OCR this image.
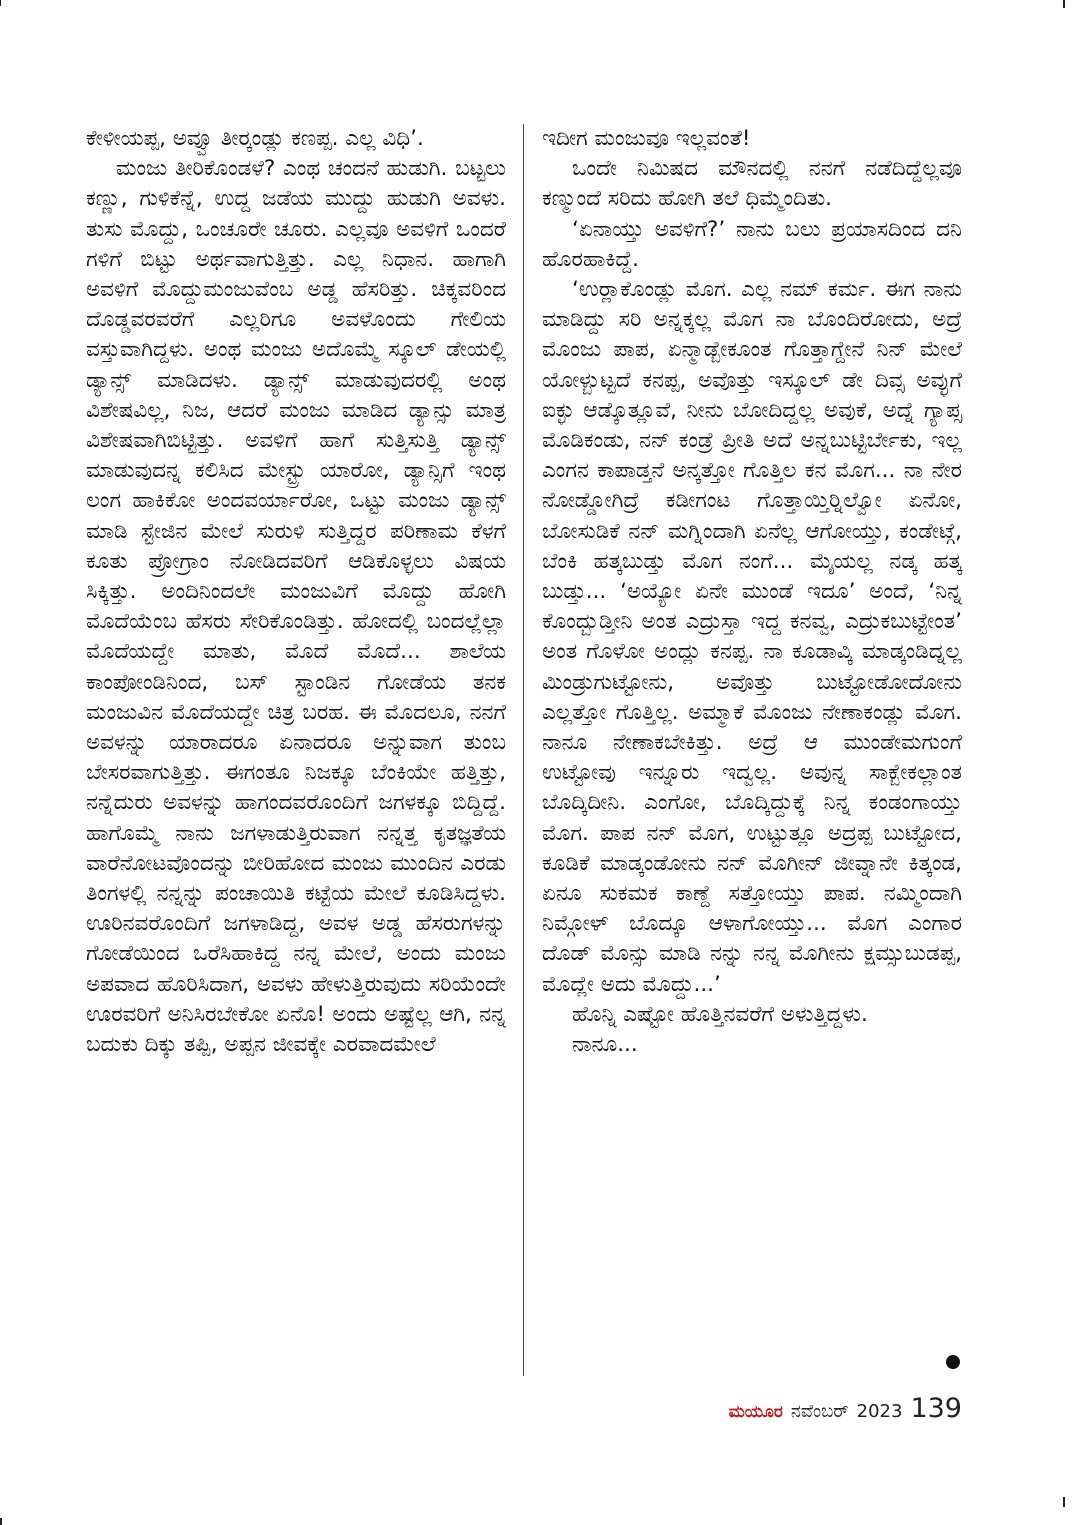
ಕೇಳೀಯಪ್ಪ, ಅವ್ವೂ ತೀರ್‍ಕಂಡ್ಲು ಕಣಪ್ಪ. ಎಲ್ಲ ವಿಧಿ’.

ಮಂಜು ತೀರಿಕೊಂಡಳೆ? ಎಂಥ ಚಂದನೆ ಹುಡುಗಿ. ಬಟ್ಟಲು ಕಣ್ಣು, ಗುಳಿಕೆನ್ನೆ, ಉದ್ದ ಜಡೆಯ ಮುದ್ದು ಹುಡುಗಿ ಅವಳು. ತುಸು ಮೊದ್ದು, ಒಂಚೂರೇ ಚೂರು. ಎಲ್ಲವೂ ಅವಳಿಗೆ ಒಂದರೆ ಗಳಿಗೆ ಬಿಟ್ಟು ಅರ್ಥವಾಗುತ್ತಿತ್ತು. ಎಲ್ಲ ನಿಧಾನ. ಹಾಗಾಗಿ ಅವಳಿಗೆ ಮೊದ್ದುಮಂಜುವೆಂಬ ಅಡ್ಡ ಹೆಸರಿತ್ತು. ಚಿಕ್ಕವರಿಂದ ದೊಡ್ಡವರವರೆಗೆ ಎಲ್ಲರಿಗೂ ಅವಳೊಂದು ಗೇಲಿಯ ವಸ್ತುವಾಗಿದ್ದಳು. ಅಂಥ ಮಂಜು ಅದೊಮ್ಮೆ ಸ್ಕೂಲ್ ಡೇಯಲ್ಲಿ ಡ್ಯಾನ್ಸ್ ಮಾಡಿದಳು. ಡ್ಯಾನ್ಸ್ ಮಾಡುವುದರಲ್ಲಿ ಅಂಥ ವಿಶೇಷವಿಲ್ಲ, ನಿಜ, ಆದರೆ ಮಂಜು ಮಾಡಿದ ಡ್ಯಾನ್ಸು ಮಾತ್ರ ವಿಶೇಷವಾಗಿಬಿಟ್ಟಿತ್ತು. ಅವಳಿಗೆ ಹಾಗೆ ಸುತ್ತಿಸುತ್ತಿ ಡ್ಯಾನ್ಸ್ ಮಾಡುವುದನ್ನ ಕಲಿಸಿದ ಮೇಸ್ಟ್ರು ಯಾರೋ, ಡ್ಯಾನ್ಸಿಗೆ ಇಂಥ ಲಂಗ ಹಾಕಿಕೋ ಅಂದವರ್ಯಾರೋ, ಒಟ್ಟು ಮಂಜು ಡ್ಯಾನ್ಸ್ ಮಾಡಿ ಸ್ಟೇಜಿನ ಮೇಲೆ ಸುರುಳಿ ಸುತ್ತಿದ್ದರ ಪರಿಣಾಮ ಕೆಳಗೆ ಕೂತು ಪ್ರೋಗ್ರಾಂ ನೋಡಿದವರಿಗೆ ಆಡಿಕೊಳ್ಳಲು ವಿಷಯ ಸಿಕ್ಕಿತ್ತು. ಅಂದಿನಿಂದಲೇ ಮಂಜುವಿಗೆ ಮೊದ್ದು ಹೋಗಿ ಮೊದೆಯೆಂಬ ಹೆಸರು ಸೇರಿಕೊಂಡಿತ್ತು. ಹೋದಲ್ಲಿ ಬಂದಲ್ಲೆಲ್ಲಾ ಮೊದೆಯದ್ದೇ ಮಾತು, ಮೊದೆ ಮೊದೆ... ಶಾಲೆಯ ಕಾಂಪೋಂಡಿನಿಂದ, ಬಸ್ ಸ್ಟಾಂಡಿನ ಗೋಡೆಯ ತನಕ ಮಂಜುವಿನ ಮೊದೆಯದ್ದೇ ಚಿತ್ರ ಬರಹ. ಈ ಮೊದಲೂ, ನನಗೆ ಅವಳನ್ನು ಯಾರಾದರೂ ಏನಾದರೂ ಅನ್ನುವಾಗ ತುಂಬ ಬೇಸರವಾಗುತ್ತಿತ್ತು. ಈಗಂತೂ ನಿಜಕ್ಕೂ ಬೆಂಕಿಯೇ ಹತ್ತಿತ್ತು, ನನ್ನೆದುರು ಅವಳನ್ನು ಹಾಗಂದವರೊಂದಿಗೆ ಜಗಳಕ್ಕೂ ಬಿದ್ದಿದ್ದೆ. ಹಾಗೊಮ್ಮೆ ನಾನು ಜಗಳಾಡುತ್ತಿರುವಾಗ ನನ್ನತ್ತ ಕೃತಜ್ಞತೆಯ ವಾರೆನೋಟವೊಂದನ್ನು ಬೀರಿಹೋದ ಮಂಜು ಮುಂದಿನ ಎರಡು ತಿಂಗಳಲ್ಲಿ ನನ್ನನ್ನು ಪಂಚಾಯಿತಿ ಕಟ್ಟೆಯ ಮೇಲೆ ಕೂಡಿಸಿದ್ದಳು. ಊರಿನವರೊಂದಿಗೆ ಜಗಳಾಡಿದ್ದ, ಅವಳ ಅಡ್ಡ ಹೆಸರುಗಳನ್ನು ಗೋಡೆಯಿಂದ ಒರೆಸಿಹಾಕಿದ್ದ ನನ್ನ ಮೇಲೆ, ಅಂದು ಮಂಜು ಅಪವಾದ ಹೊರಿಸಿದಾಗ, ಅವಳು ಹೇಳುತ್ತಿರುವುದು ಸರಿಯೆಂದೇ ಊರವರಿಗೆ ಅನಿಸಿರಬೇಕೋ ಏನೊ! ಅಂದು ಅಷ್ಟೆಲ್ಲ ಆಗಿ, ನನ್ನ ಬದುಕು ದಿಕ್ಕು ತಪ್ಪಿ, ಅಪ್ಪನ ಜೀವಕ್ಕೇ ಎರವಾದಮೇಲೆ

ಇದೀಗ ಮಂಜುವೂ ಇಲ್ಲವಂತೆ!

ಒಂದೇ ನಿಮಿಷದ ಮೌನದಲ್ಲಿ ನನಗೆ ನಡೆದಿದ್ದೆಲ್ಲವೂ ಕಣ್ಮುಂದೆ ಸರಿದು ಹೋಗಿ ತಲೆ ಧಿಮ್ಮೆಂದಿತು.

‘ಏನಾಯ್ತು ಅವಳಿಗೆ?’ ನಾನು ಬಲು ಪ್ರಯಾಸದಿಂದ ದನಿ ಹೊರಹಾಕಿದ್ದೆ.

‘ಉರ್‍ಲಾಕೊಂಡ್ಲು ಮೊಗ. ಎಲ್ಲ ನಮ್ ಕರ್ಮ. ಈಗ ನಾನು ಮಾಡಿದ್ದು ಸರಿ ಅನ್ನಕ್ಕಲ್ಲ ಮೊಗ ನಾ ಬೊಂದಿರೋದು, ಅದ್ರೆ ಮೊಂಜು ಪಾಪ, ಏನ್ಮಾಡ್ಬೇಕೂಂತ ಗೊತ್ತಾಗ್ದೇನೆ ನಿನ್ ಮೇಲೆ ಯೋಳ್ಬುಟ್ಟದೆ ಕನಪ್ಪ, ಅವೊತ್ತು ಇಸ್ಕೂಲ್ ಡೇ ದಿವ್ಸ ಅವ್ಳುಗೆ ಐಕ್ಳು ಆಡ್ಕೊತ್ಲೂವೆ, ನೀನು ಬೋದಿದ್ದಲ್ಲ ಅವುಕೆ, ಅದ್ನೆ ಗ್ಯಾಪ್ಸ ಮೊಡಿಕಂಡು, ನನ್ ಕಂಡ್ರೆ ಪ್ರೀತಿ ಅದೆ ಅನ್ನಬುಟ್ಟಿರ್ಬೇಕು, ಇಲ್ಲ ಎಂಗನ ಕಾಪಾಡ್ತನೆ ಅನ್ಕತ್ತೋ ಗೊತ್ತಿಲ ಕನ ಮೊಗ... ನಾ ನೇರ ನೋಡ್ಡೋಗಿದ್ರೆ ಕಡೀಗಂಟ ಗೊತ್ತಾಯ್ತಿರ್‍ನಿಲ್ವೋ ಏನೋ, ಬೋಸುಡಿಕೆ ನನ್ ಮಗ್ನಿಂದಾಗಿ ಏನೆಲ್ಲ ಆಗೋಯ್ತು, ಕಂಡೇಟ್ಗೆ, ಬೆಂಕಿ ಹತ್ಕಬುಡ್ತು ಮೊಗ ನಂಗೆ... ಮೈಯಲ್ಲ ನಡ್ಕ ಹತ್ಕ ಬುಡ್ತು... ‘ಅಯ್ಯೋ ಏನೇ ಮುಂಡೆ ಇದೂ’ ಅಂದೆ, ‘ನಿನ್ನ ಕೊಂದ್ಬುಡ್ತೀನಿ ಅಂತ ಎದ್ರುಸ್ತಾ ಇದ್ದ ಕನವ್ವ, ಎದ್ರುಕಬುಟ್ಟೇಂತ’ ಅಂತ ಗೊಳೋ ಅಂದ್ಲು ಕನಪ್ಪ. ನಾ ಕೂಡಾವ್ಕಿ ಮಾಡ್ಕಂಡಿದ್ನಲ್ಲ ಮಿಂಡ್ರುಗುಟ್ಟೋನು, ಅವೊತ್ತು ಬುಟ್ಟೋಡೋದೋನು ಎಲ್ಲತ್ತೋ ಗೊತ್ತಿಲ್ಲ. ಅಮ್ಮಾಕೆ ಮೊಂಜು ನೇಣಾಕಂಡ್ಲು ಮೊಗ. ನಾನೂ ನೇಣಾಕಬೇಕಿತ್ತು. ಅದ್ರೆ ಆ ಮುಂಡೇಮಗುಂಗೆ ಉಟ್ಟೋವು ಇನ್ನೂರು ಇದ್ವಲ್ಲ. ಅವುನ್ನ ಸಾಕ್ಬೇಕಲ್ಲಾಂತ ಬೊದ್ಕಿದೀನಿ. ಎಂಗೋ, ಬೊದ್ಕಿದ್ದುಕ್ಕೆ ನಿನ್ನ ಕಂಡಂಗಾಯ್ತು ಮೊಗ. ಪಾಪ ನನ್ ಮೊಗ, ಉಟ್ಟುತ್ಲೂ ಅದ್ರಪ್ಪ ಬುಟ್ಟೋದ, ಕೂಡಿಕೆ ಮಾಡ್ಕಂಡೋನು ನನ್ ಮೊಗೀನ್ ಜೀವ್ನಾನೇ ಕಿತ್ಕಂಡ, ಏನೂ ಸುಕಮಕ ಕಾಣ್ದೆ ಸತ್ತೋಯ್ತು ಪಾಪ. ನಮ್ಮಿಂದಾಗಿ ನಿಮ್ಗೋಳ್ ಬೊದ್ಕೂ ಆಳಾಗೋಯ್ತು... ಮೊಗ ಎಂಗಾರ ದೊಡ್ ಮೊನ್ಸು ಮಾಡಿ ನನ್ನು ನನ್ನ ಮೊಗೀನು ಕ್ಷಮ್ಸುಬುಡಪ್ಪ, ಮೊದ್ಲೇ ಅದು ಮೊದ್ದು...’

ಹೊನ್ನಿ ಎಷ್ಟೋ ಹೊತ್ತಿನವರೆಗೆ ಅಳುತ್ತಿದ್ದಳು.

ನಾನೂ...

ಮಯೂರ ನವೆಂಬರ್ 2023 139
